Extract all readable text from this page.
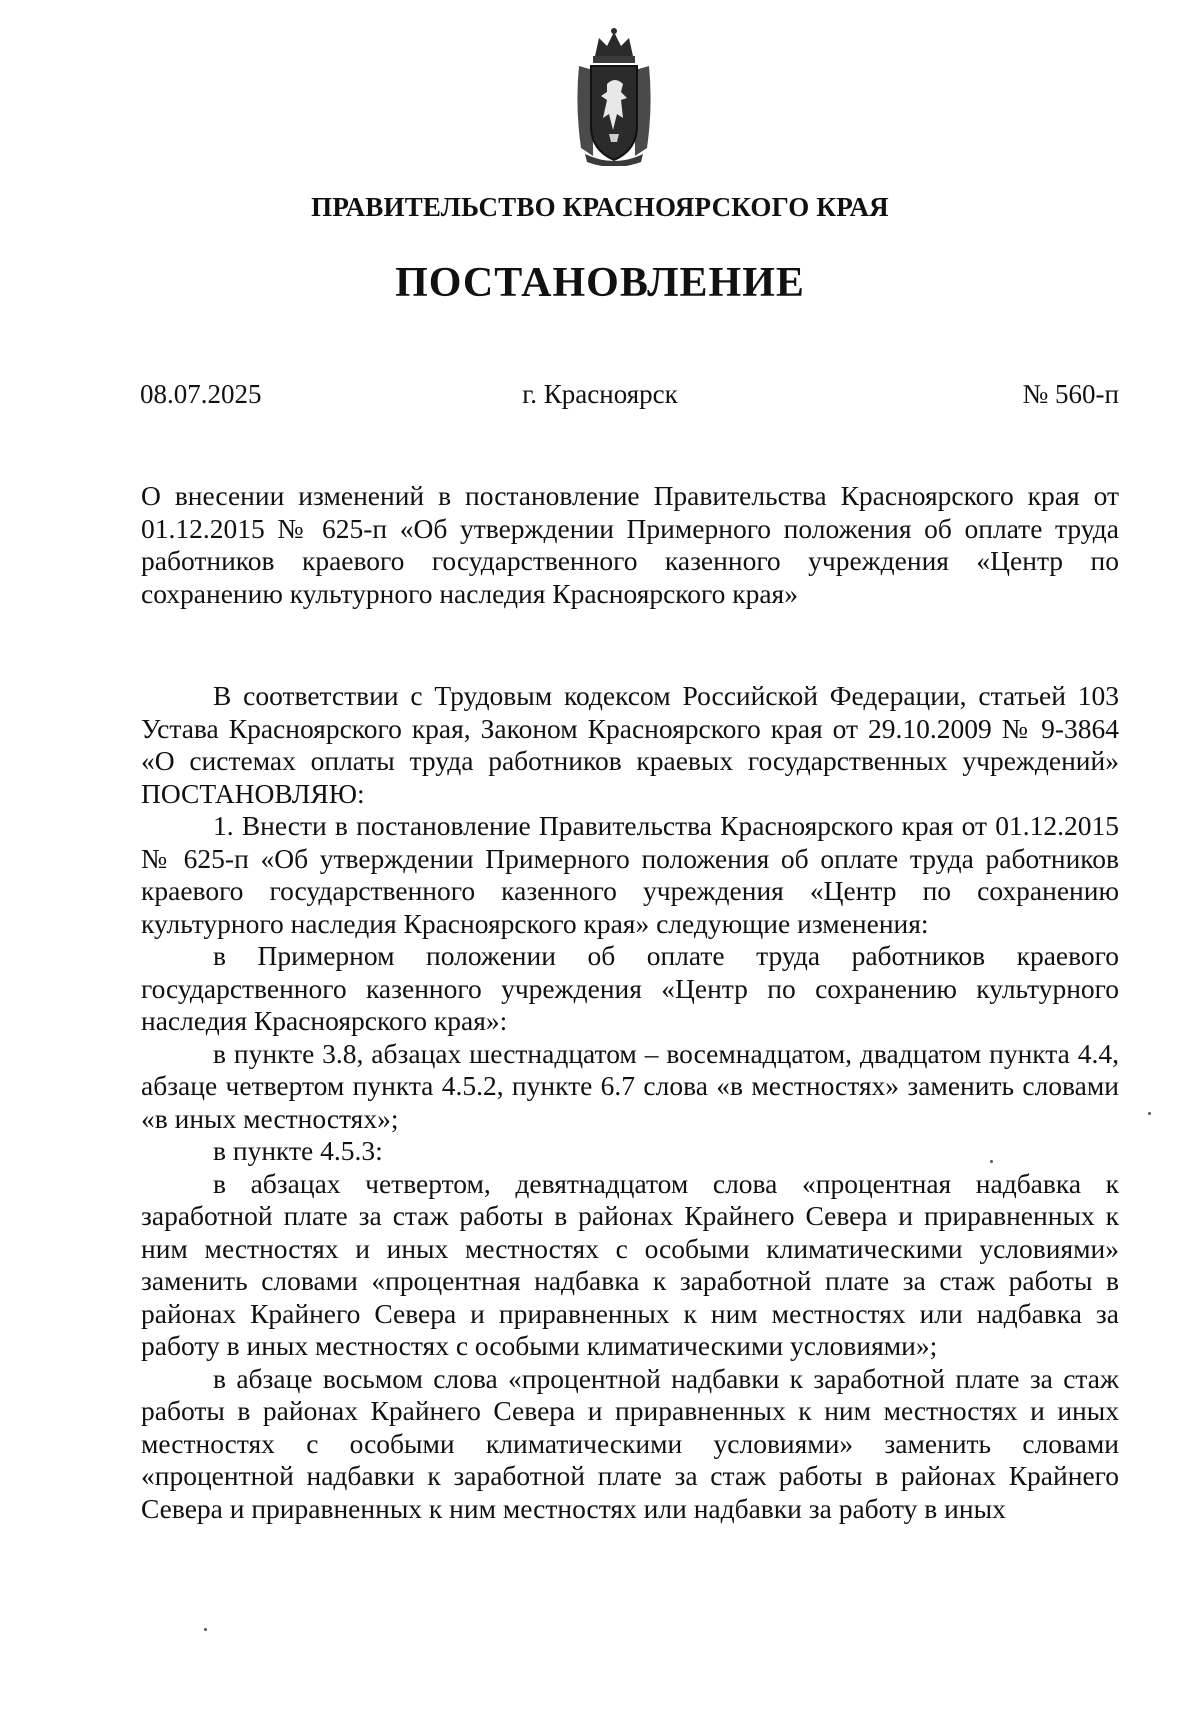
ПРАВИТЕЛЬСТВО КРАСНОЯРСКОГО КРАЯ
ПОСТАНОВЛЕНИЕ
08.07.2025	г. Красноярск	№ 560-п
О внесении изменений в постановление Правительства Красноярского края от 01.12.2015 № 625-п «Об утверждении Примерного положения об оплате труда работников краевого государственного казенного учреждения «Центр по сохранению культурного наследия Красноярского края»

В соответствии с Трудовым кодексом Российской Федерации, статьей 103 Устава Красноярского края, Законом Красноярского края от 29.10.2009 № 9-3864 «О системах оплаты труда работников краевых государственных учреждений» ПОСТАНОВЛЯЮ:

1. Внести в постановление Правительства Красноярского края от 01.12.2015 № 625-п «Об утверждении Примерного положения об оплате труда работников краевого государственного казенного учреждения «Центр по сохранению культурного наследия Красноярского края» следующие изменения:

в Примерном положении об оплате труда работников краевого государственного казенного учреждения «Центр по сохранению культурного наследия Красноярского края»:

в пункте 3.8, абзацах шестнадцатом – восемнадцатом, двадцатом пункта 4.4, абзаце четвертом пункта 4.5.2, пункте 6.7 слова «в местностях» заменить словами «в иных местностях»;

в пункте 4.5.3:

в абзацах четвертом, девятнадцатом слова «процентная надбавка к заработной плате за стаж работы в районах Крайнего Севера и приравненных к ним местностях и иных местностях с особыми климатическими условиями» заменить словами «процентная надбавка к заработной плате за стаж работы в районах Крайнего Севера и приравненных к ним местностях или надбавка за работу в иных местностях с особыми климатическими условиями»;

в абзаце восьмом слова «процентной надбавки к заработной плате за стаж работы в районах Крайнего Севера и приравненных к ним местностях и иных местностях с особыми климатическими условиями» заменить словами «процентной надбавки к заработной плате за стаж работы в районах Крайнего Севера и приравненных к ним местностях или надбавки за работу в иных
